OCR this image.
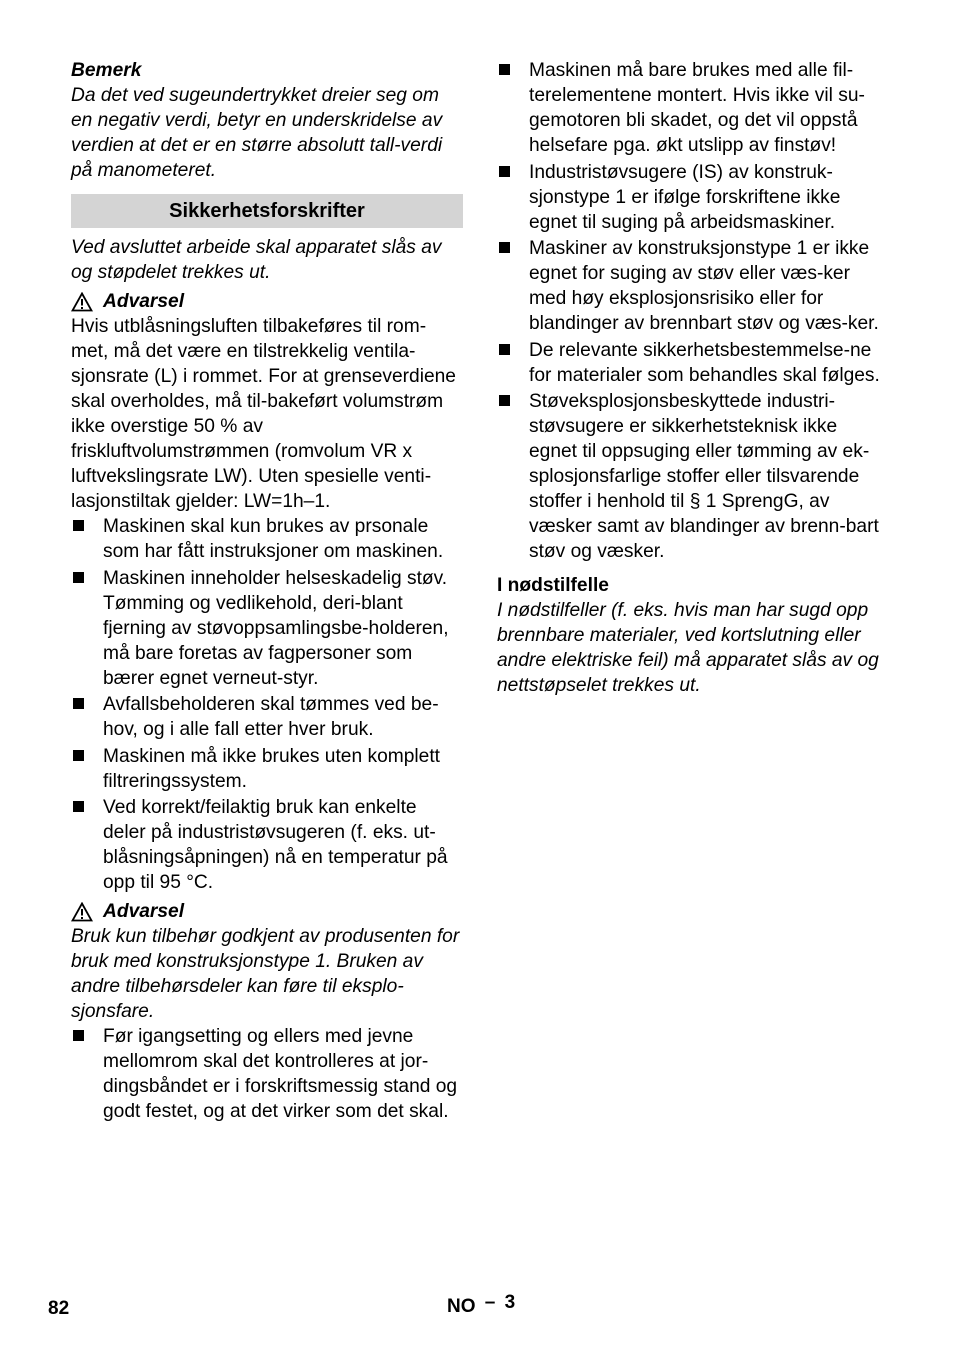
Bemerk

Da det ved sugeundertrykket dreier seg om en negativ verdi, betyr en underskridelse av verdien at det er en større absolutt tall-verdi på manometeret.

Sikkerhetsforskrifter

Ved avsluttet arbeide skal apparatet slås av og støpdelet trekkes ut.

Advarsel

Hvis utblåsningsluften tilbakeføres til rom-met, må det være en tilstrekkelig ventila-sjonsrate (L) i rommet. For at grenseverdiene skal overholdes, må til-bakeført volumstrøm ikke overstige 50 % av friskluftvolumstrømmen (romvolum VR x luftvekslingsrate LW). Uten spesielle venti-lasjonstiltak gjelder: LW=1h–1.

Maskinen skal kun brukes av prsonale som har fått instruksjoner om maskinen.
Maskinen inneholder helseskadelig støv. Tømming og vedlikehold, deri-blant fjerning av støvoppsamlingsbe-holderen, må bare foretas av fagpersoner som bærer egnet verneut-styr.
Avfallsbeholderen skal tømmes ved be-hov, og i alle fall etter hver bruk.
Maskinen må ikke brukes uten komplett filtreringssystem.
Ved korrekt/feilaktig bruk kan enkelte deler på industristøvsugeren (f. eks. ut-blåsningsåpningen) nå en temperatur på opp til 95 °C.

Advarsel

Bruk kun tilbehør godkjent av produsenten for bruk med konstruksjonstype 1. Bruken av andre tilbehørsdeler kan føre til eksplo-sjonsfare.

Før igangsetting og ellers med jevne mellomrom skal det kontrolleres at jor-dingsbåndet er i forskriftsmessig stand og godt festet, og at det virker som det skal.
Maskinen må bare brukes med alle fil-terelementene montert. Hvis ikke vil su-gemotoren bli skadet, og det vil oppstå helsefare pga. økt utslipp av finstøv!
Industristøvsugere (IS) av konstruk-sjonstype 1 er ifølge forskriftene ikke egnet til suging på arbeidsmaskiner.
Maskiner av konstruksjonstype 1 er ikke egnet for suging av støv eller væs-ker med høy eksplosjonsrisiko eller for blandinger av brennbart støv og væs-ker.
De relevante sikkerhetsbestemmelse-ne for materialer som behandles skal følges.
Støveksplosjonsbeskyttede industri-støvsugere er sikkerhetsteknisk ikke egnet til oppsuging eller tømming av ek-splosjonsfarlige stoffer eller tilsvarende stoffer i henhold til § 1 SprengG, av væsker samt av blandinger av brenn-bart støv og væsker.

I nødstilfelle

I nødstilfeller (f. eks. hvis man har sugd opp brennbare materialer, ved kortslutning eller andre elektriske feil) må apparatet slås av og nettstøpselet trekkes ut.

82	NO – 3
